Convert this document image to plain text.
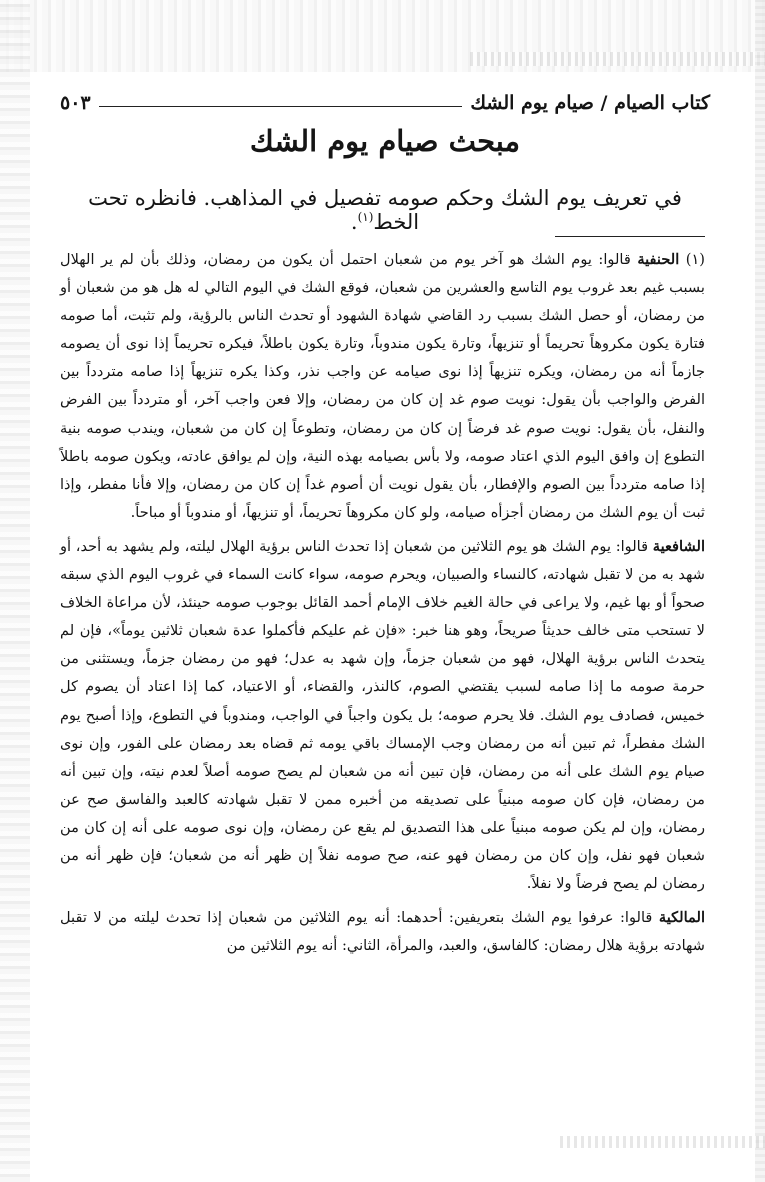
كتاب الصيام / صيام يوم الشك
٥٠٣
مبحث صيام يوم الشك

في تعريف يوم الشك وحكم صومه تفصيل في المذاهب. فانظره تحت الخط$^{(١)}$.

(١) الحنفية قالوا: يوم الشك هو آخر يوم من شعبان احتمل أن يكون من رمضان، وذلك بأن لم ير الهلال بسبب غيم بعد غروب يوم التاسع والعشرين من شعبان، فوقع الشك في اليوم التالي له هل هو من شعبان أو من رمضان، أو حصل الشك بسبب رد القاضي شهادة الشهود أو تحدث الناس بالرؤية، ولم تثبت، أما صومه فتارة يكون مكروهاً تحريماً أو تنزيهاً، وتارة يكون مندوباً، وتارة يكون باطلاً، فيكره تحريماً إذا نوى أن يصومه جازماً أنه من رمضان، ويكره تنزيهاً إذا نوى صيامه عن واجب نذر، وكذا يكره تنزيهاً إذا صامه متردداً بين الفرض والواجب بأن يقول: نويت صوم غد إن كان من رمضان، وإلا فعن واجب آخر، أو متردداً بين الفرض والنفل، بأن يقول: نويت صوم غد فرضاً إن كان من رمضان، وتطوعاً إن كان من شعبان، ويندب صومه بنية التطوع إن وافق اليوم الذي اعتاد صومه، ولا بأس بصيامه بهذه النية، وإن لم يوافق عادته، ويكون صومه باطلاً إذا صامه متردداً بين الصوم والإفطار، بأن يقول نويت أن أصوم غداً إن كان من رمضان، وإلا فأنا مفطر، وإذا ثبت أن يوم الشك من رمضان أجزأه صيامه، ولو كان مكروهاً تحريماً، أو تنزيهاً، أو مندوباً أو مباحاً.

الشافعية قالوا: يوم الشك هو يوم الثلاثين من شعبان إذا تحدث الناس برؤية الهلال ليلته، ولم يشهد به أحد، أو شهد به من لا تقبل شهادته، كالنساء والصبيان، ويحرم صومه، سواء كانت السماء في غروب اليوم الذي سبقه صحواً أو بها غيم، ولا يراعى في حالة الغيم خلاف الإمام أحمد القائل بوجوب صومه حينئذ، لأن مراعاة الخلاف لا تستحب متى خالف حديثاً صريحاً، وهو هنا خبر: «فإن غم عليكم فأكملوا عدة شعبان ثلاثين يوماً»، فإن لم يتحدث الناس برؤية الهلال، فهو من شعبان جزماً، وإن شهد به عدل؛ فهو من رمضان جزماً، ويستثنى من حرمة صومه ما إذا صامه لسبب يقتضي الصوم، كالنذر، والقضاء، أو الاعتياد، كما إذا اعتاد أن يصوم كل خميس، فصادف يوم الشك. فلا يحرم صومه؛ بل يكون واجباً في الواجب، ومندوباً في التطوع، وإذا أصبح يوم الشك مفطراً، ثم تبين أنه من رمضان وجب الإمساك باقي يومه ثم قضاه بعد رمضان على الفور، وإن نوى صيام يوم الشك على أنه من رمضان، فإن تبين أنه من شعبان لم يصح صومه أصلاً لعدم نيته، وإن تبين أنه من رمضان، فإن كان صومه مبنياً على تصديقه من أخبره ممن لا تقبل شهادته كالعبد والفاسق صح عن رمضان، وإن لم يكن صومه مبنياً على هذا التصديق لم يقع عن رمضان، وإن نوى صومه على أنه إن كان من شعبان فهو نفل، وإن كان من رمضان فهو عنه، صح صومه نفلاً إن ظهر أنه من شعبان؛ فإن ظهر أنه من رمضان لم يصح فرضاً ولا نفلاً.

المالكية قالوا: عرفوا يوم الشك بتعريفين: أحدهما: أنه يوم الثلاثين من شعبان إذا تحدث ليلته من لا تقبل شهادته برؤية هلال رمضان: كالفاسق، والعبد، والمرأة، الثاني: أنه يوم الثلاثين من
